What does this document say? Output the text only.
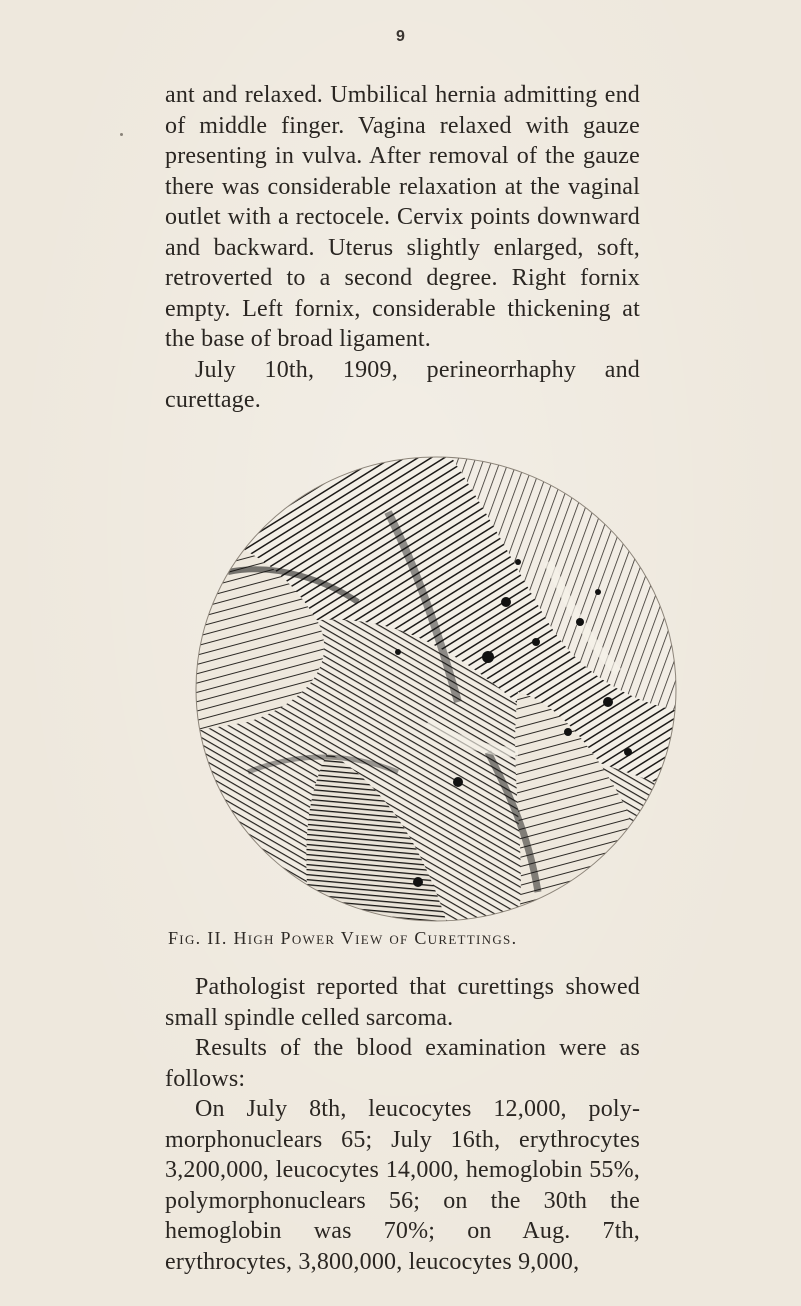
9

ant and relaxed. Umbilical hernia admitting end of middle finger. Vagina relaxed with gauze presenting in vulva. After removal of the gauze there was considerable relaxation at the vaginal outlet with a rectocele. Cervix points downward and backward. Uterus slightly enlarged, soft, retroverted to a second degree. Right fornix empty. Left fornix, considerable thickening at the base of broad ligament.

July 10th, 1909, perineorrhaphy and curettage.

Fig. II. High Power View of Curettings.

Pathologist reported that curettings showed small spindle celled sarcoma.

Results of the blood examination were as follows:

On July 8th, leucocytes 12,000, polymorphonuclears 65; July 16th, erythrocytes 3,200,000, leucocytes 14,000, hemoglobin 55%, polymorphonuclears 56; on the 30th the hemoglobin was 70%; on Aug. 7th, erythrocytes, 3,800,000, leucocytes 9,000,
